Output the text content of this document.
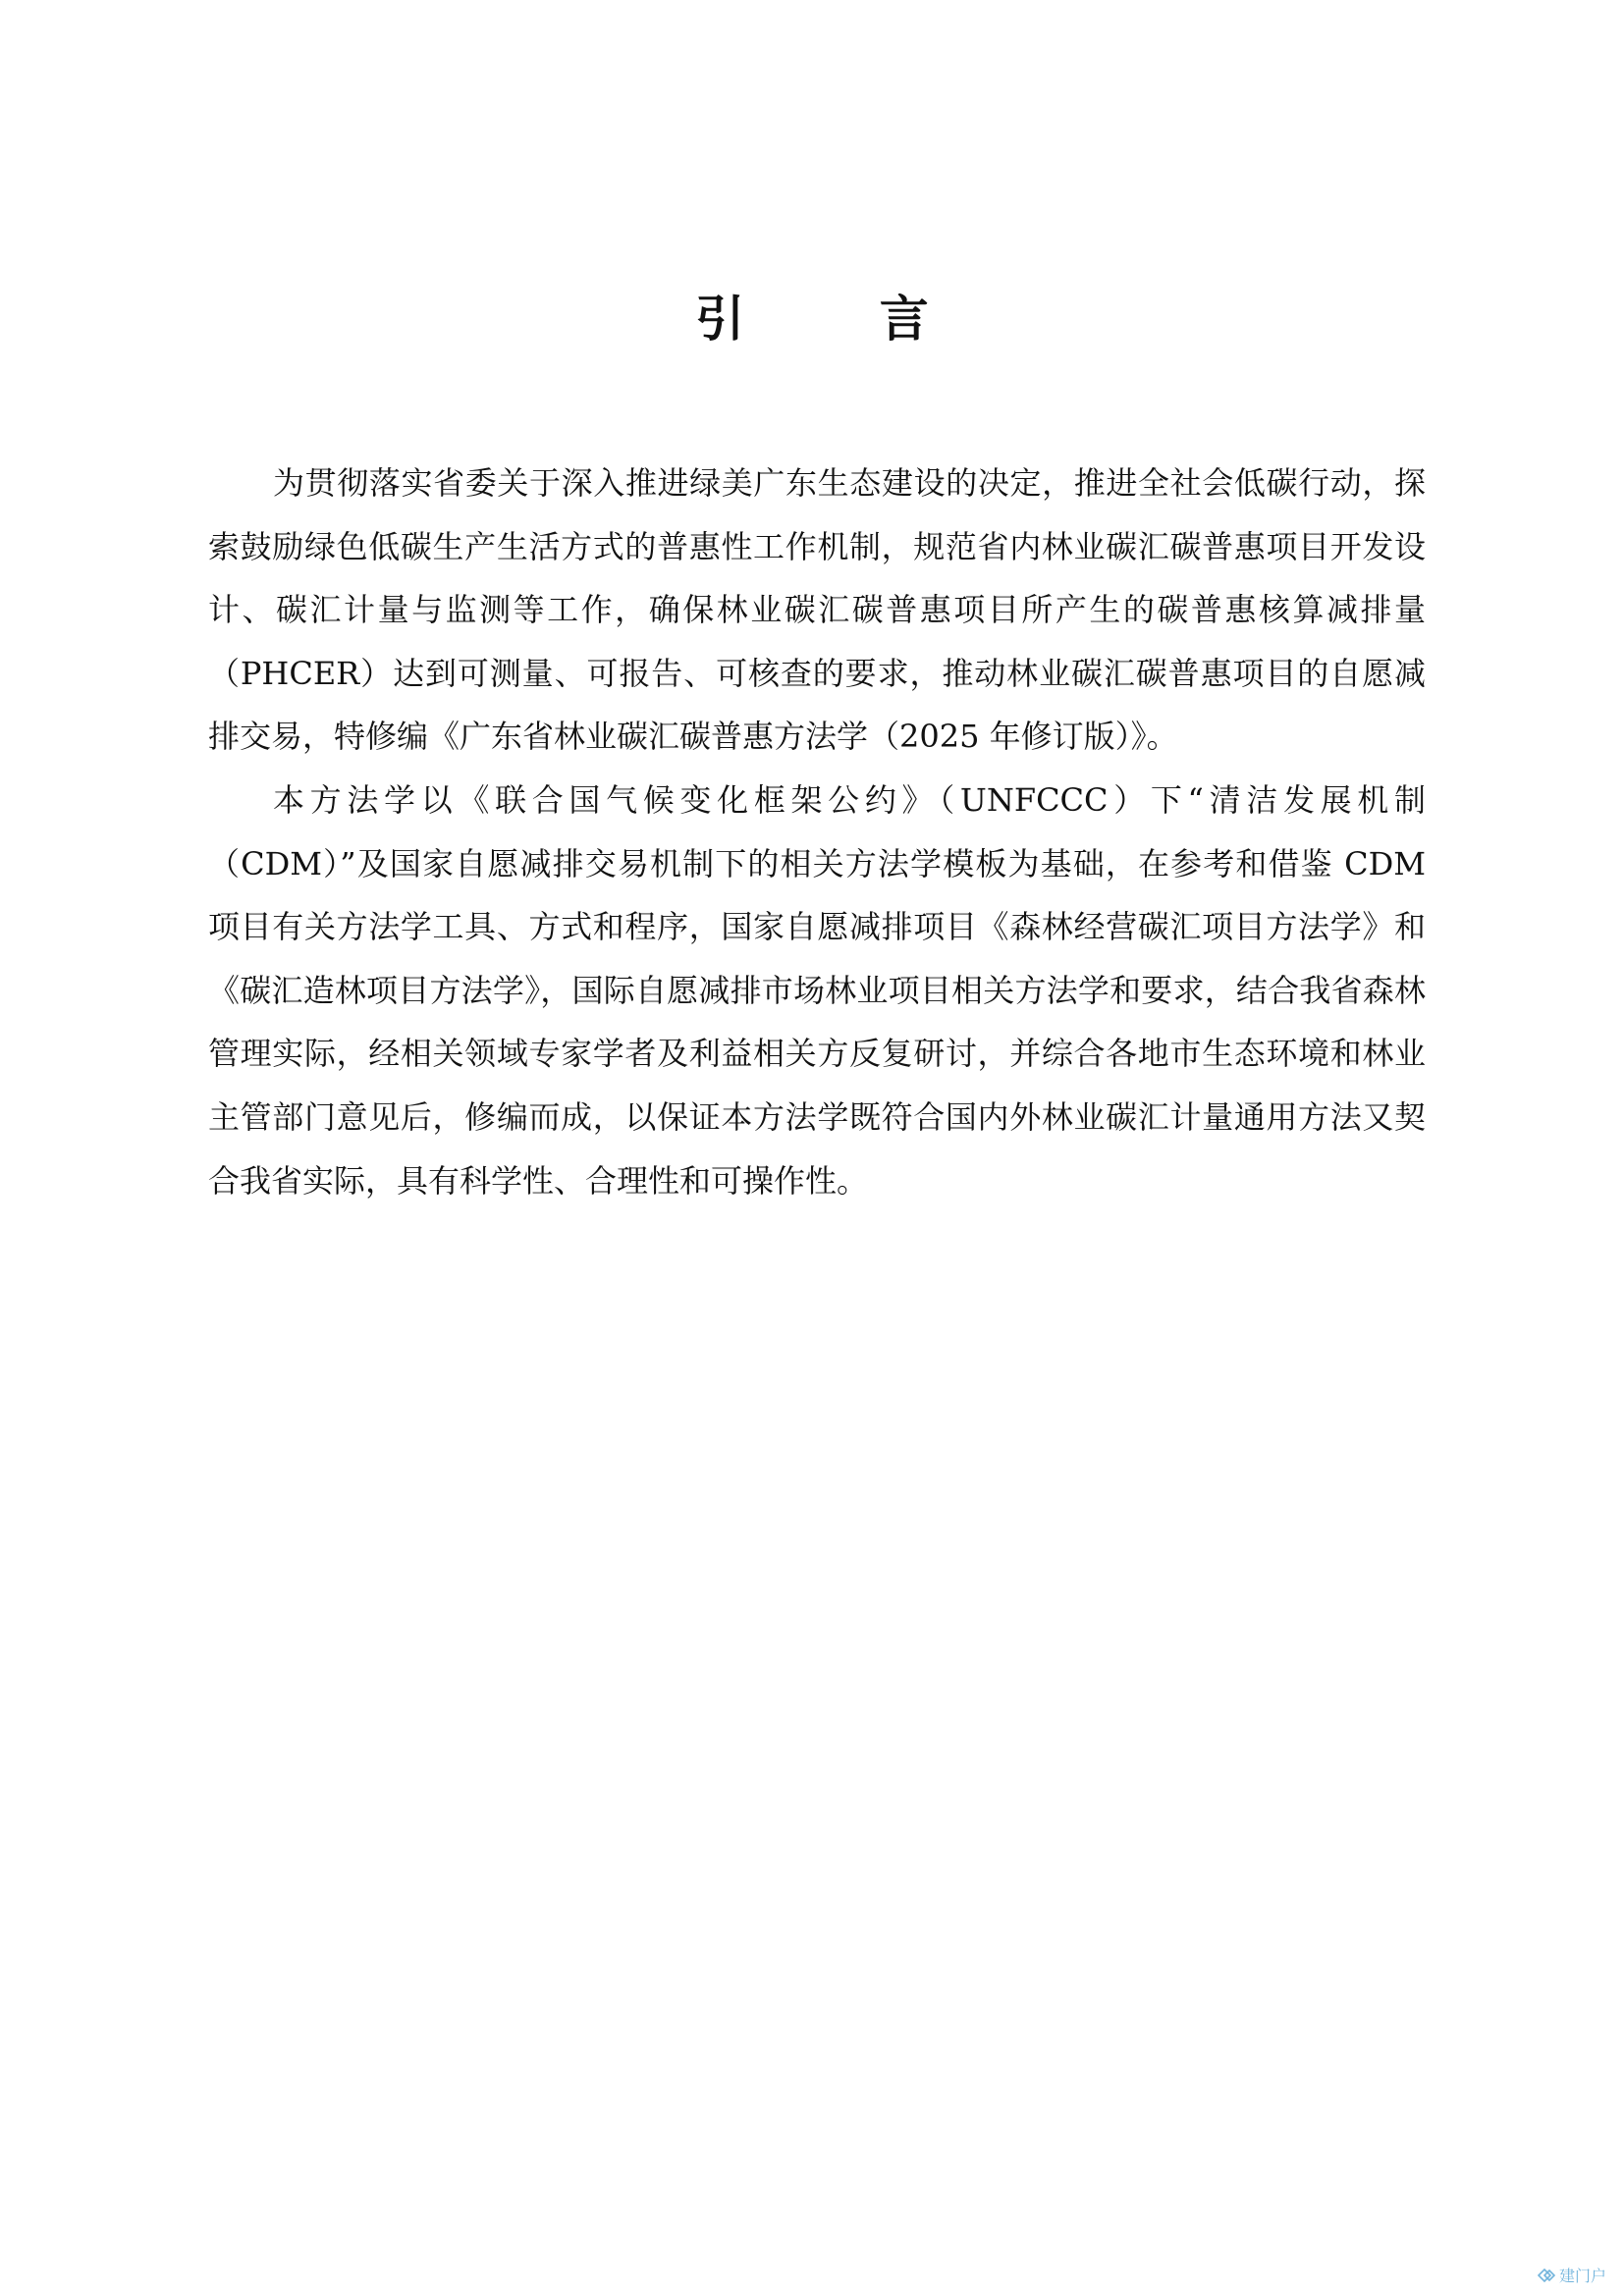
引 言

为贯彻落实省委关于深入推进绿美广东生态建设的决定，推进全社会低碳行动，探索鼓励绿色低碳生产生活方式的普惠性工作机制，规范省内林业碳汇碳普惠项目开发设计、碳汇计量与监测等工作，确保林业碳汇碳普惠项目所产生的碳普惠核算减排量（PHCER）达到可测量、可报告、可核查的要求，推动林业碳汇碳普惠项目的自愿减排交易，特修编《广东省林业碳汇碳普惠方法学（2025 年修订版）》。

本方法学以《联合国气候变化框架公约》（UNFCCC）下“清洁发展机制（CDM）”及国家自愿减排交易机制下的相关方法学模板为基础，在参考和借鉴 CDM 项目有关方法学工具、方式和程序，国家自愿减排项目《森林经营碳汇项目方法学》和《碳汇造林项目方法学》，国际自愿减排市场林业项目相关方法学和要求，结合我省森林管理实际，经相关领域专家学者及利益相关方反复研讨，并综合各地市生态环境和林业主管部门意见后，修编而成，以保证本方法学既符合国内外林业碳汇计量通用方法又契合我省实际，具有科学性、合理性和可操作性。

建门户
